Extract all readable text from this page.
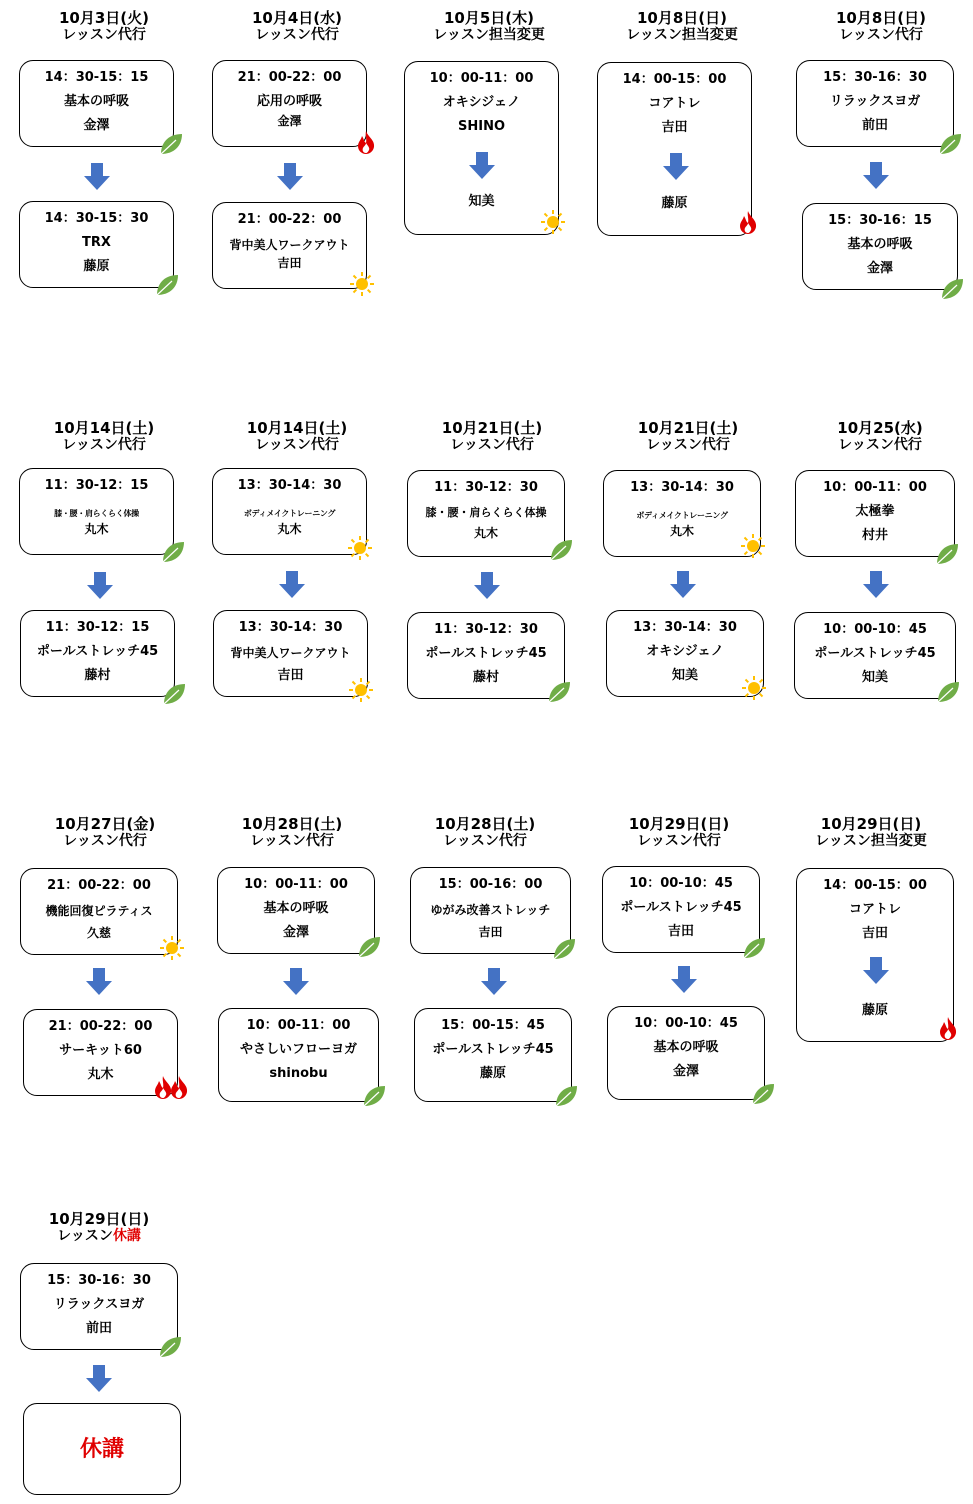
10月3日(火)
レッスン代行
14：30-15：15
基本の呼吸
金澤
14：30-15：30
TRX
藤原
10月4日(水)
レッスン代行
21：00-22：00
応用の呼吸
金澤
21：00-22：00
背中美人ワークアウト
吉田
10月5日(木)
レッスン担当変更
10：00-11：00
オキシジェノ
SHINO
知美
10月8日(日)
レッスン担当変更
14：00-15：00
コアトレ
吉田
藤原
10月8日(日)
レッスン代行
15：30-16：30
リラックスヨガ
前田
15：30-16：15
基本の呼吸
金澤
10月14日(土)
レッスン代行
11：30-12：15
膝・腰・肩らくらく体操
丸木
11：30-12：15
ポールストレッチ45
藤村
10月14日(土)
レッスン代行
13：30-14：30
ボディメイクトレーニング
丸木
13：30-14：30
背中美人ワークアウト
吉田
10月21日(土)
レッスン代行
11：30-12：30
膝・腰・肩らくらく体操
丸木
11：30-12：30
ポールストレッチ45
藤村
10月21日(土)
レッスン代行
13：30-14：30
ボディメイクトレーニング
丸木
13：30-14：30
オキシジェノ
知美
10月25(水)
レッスン代行
10：00-11：00
太極拳
村井
10：00-10：45
ポールストレッチ45
知美
10月27日(金)
レッスン代行
21：00-22：00
機能回復ピラティス
久慈
21：00-22：00
サーキット60
丸木
10月28日(土)
レッスン代行
10：00-11：00
基本の呼吸
金澤
10：00-11：00
やさしいフローヨガ
shinobu
10月28日(土)
レッスン代行
15：00-16：00
ゆがみ改善ストレッチ
吉田
15：00-15：45
ポールストレッチ45
藤原
10月29日(日)
レッスン代行
10：00-10：45
ポールストレッチ45
吉田
10：00-10：45
基本の呼吸
金澤
10月29日(日)
レッスン担当変更
14：00-15：00
コアトレ
吉田
藤原
10月29日(日)
レッスン休講
15：30-16：30
リラックスヨガ
前田
休講
